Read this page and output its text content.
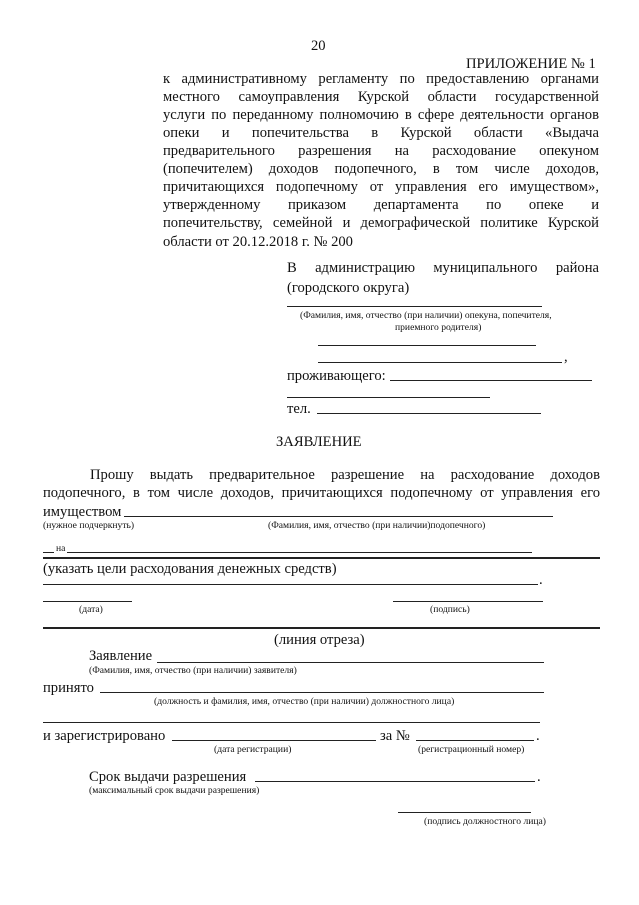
20
ПРИЛОЖЕНИЕ № 1
к административному регламенту по предоставлению органами
местного самоуправления Курской области государственной
услуги по переданному полномочию в сфере деятельности органов
опеки и попечительства в Курской области «Выдача
предварительного разрешения на расходование опекуном
(попечителем) доходов подопечного, в том числе доходов,
причитающихся подопечному от управления его имуществом»,
утвержденному приказом департамента по опеке и
попечительству, семейной и демографической политике Курской
области от 20.12.2018 г. № 200
В администрацию муниципального района
(городского округа)
(Фамилия, имя, отчество (при наличии) опекуна, попечителя,
приемного родителя)
,
проживающего:
тел.
ЗАЯВЛЕНИЕ
Прошу выдать предварительное разрешение на расходование доходов
подопечного, в том числе доходов, причитающихся подопечному от управления его
имуществом
(нужное подчеркнуть)	(Фамилия, имя, отчество (при наличии)подопечного)
на
(указать цели расходования денежных средств)
.
(дата)	(подпись)
(линия отреза)
Заявление
(Фамилия, имя, отчество (при наличии) заявителя)
принято
(должность и фамилия, имя, отчество (при наличии) должностного лица)
и зарегистрировано	за №	.
(дата регистрации)	(регистрационный номер)
Срок выдачи разрешения	.
(максимальный срок выдачи разрешения)
(подпись должностного лица)
